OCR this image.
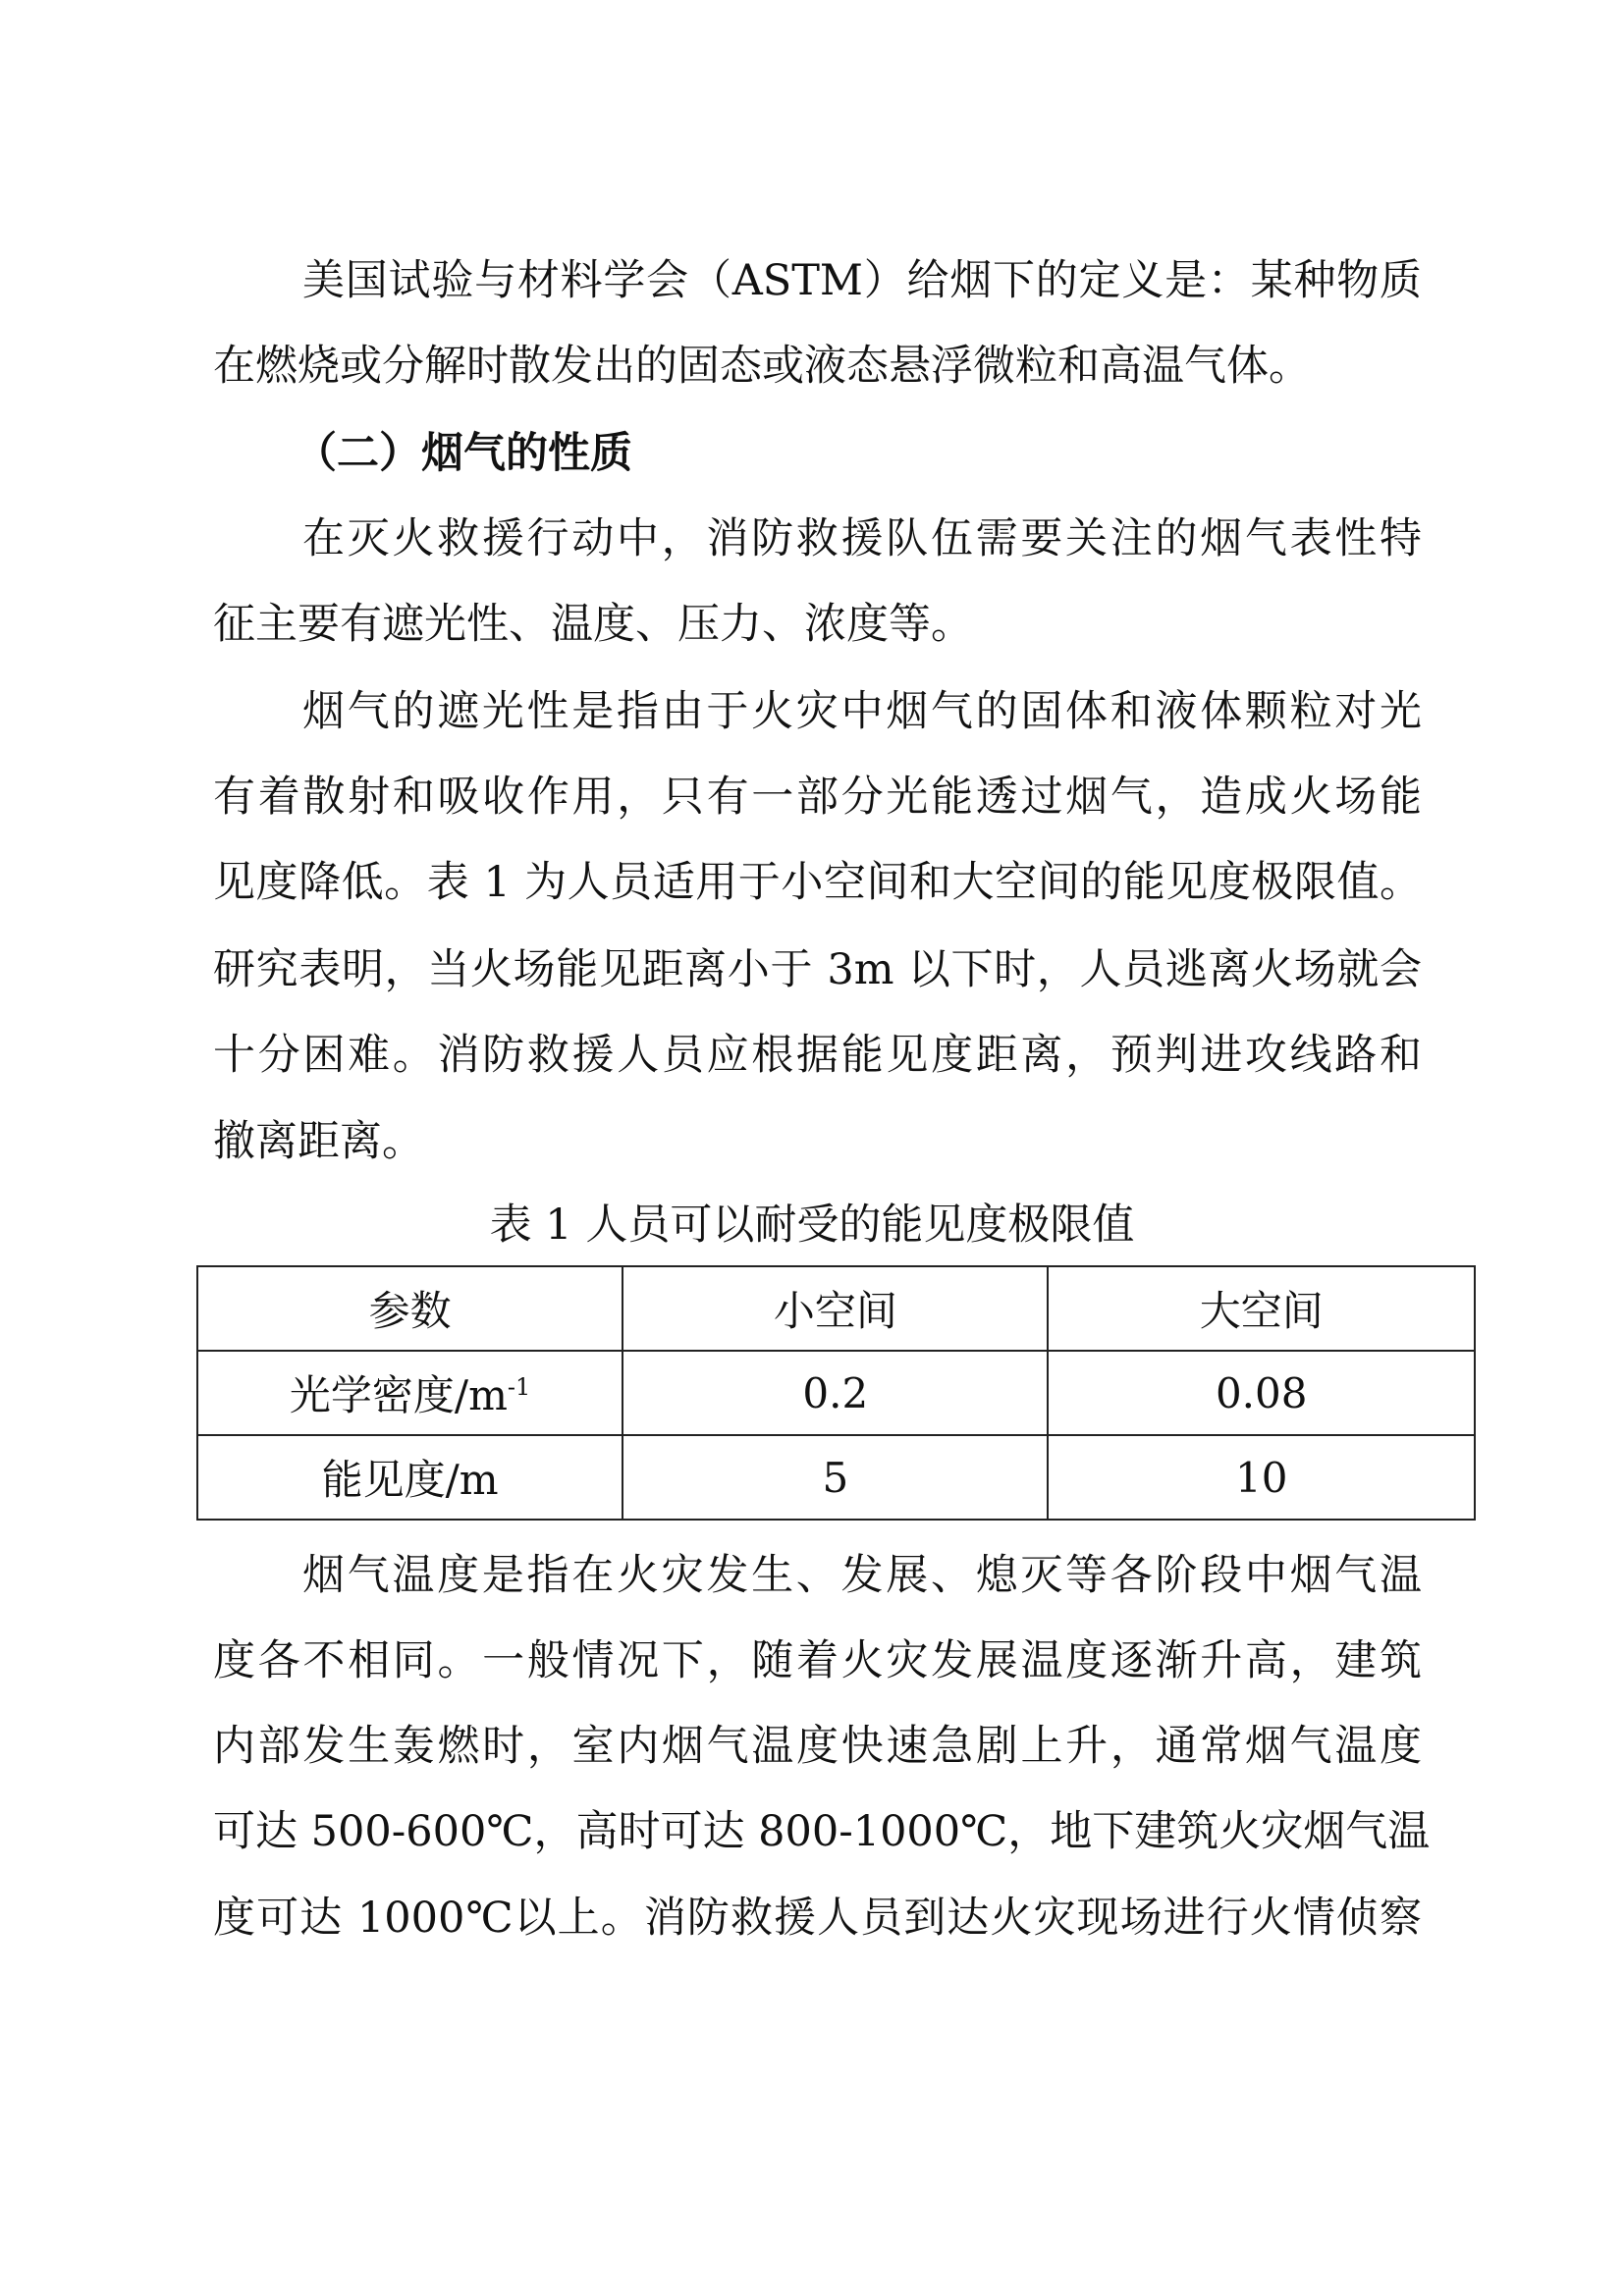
美国试验与材料学会（ASTM）给烟下的定义是：某种物质
在燃烧或分解时散发出的固态或液态悬浮微粒和高温气体。
（二）烟气的性质
在灭火救援行动中，消防救援队伍需要关注的烟气表性特
征主要有遮光性、温度、压力、浓度等。
烟气的遮光性是指由于火灾中烟气的固体和液体颗粒对光
有着散射和吸收作用，只有一部分光能透过烟气，造成火场能
见度降低。表 1 为人员适用于小空间和大空间的能见度极限值。
研究表明，当火场能见距离小于 3m 以下时，人员逃离火场就会
十分困难。消防救援人员应根据能见度距离，预判进攻线路和
撤离距离。
表 1 人员可以耐受的能见度极限值
参数	小空间	大空间
光学密度$/m^{-1}$	0.2	0.08
能见度/m	5	10
烟气温度是指在火灾发生、发展、熄灭等各阶段中烟气温
度各不相同。一般情况下，随着火灾发展温度逐渐升高，建筑
内部发生轰燃时，室内烟气温度快速急剧上升，通常烟气温度
可达 500-600℃，高时可达 800-1000℃，地下建筑火灾烟气温
度可达 1000℃以上。消防救援人员到达火灾现场进行火情侦察
